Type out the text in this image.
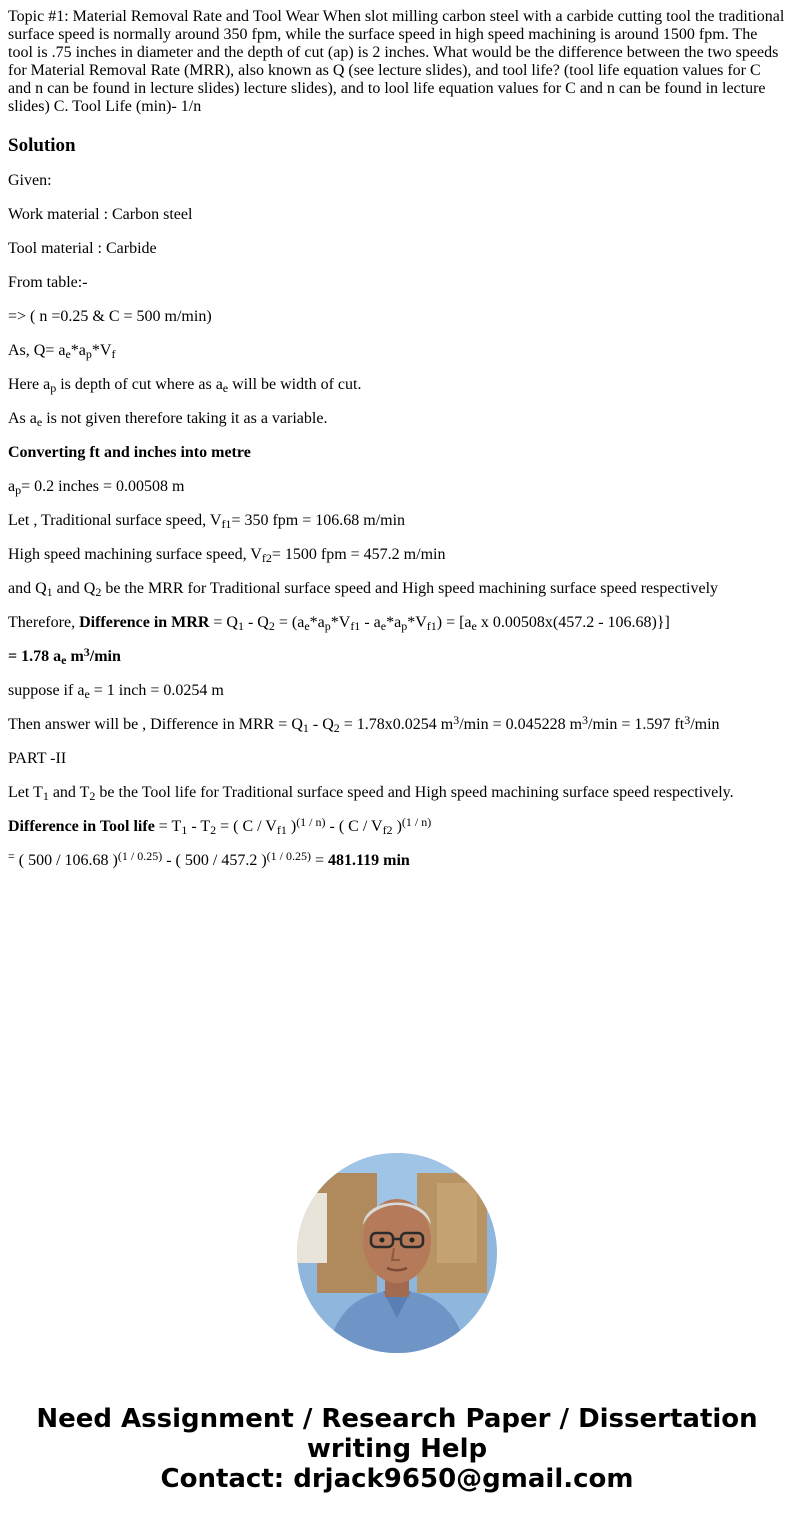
Topic #1: Material Removal Rate and Tool Wear When slot milling carbon steel with a carbide cutting tool the traditional surface speed is normally around 350 fpm, while the surface speed in high speed machining is around 1500 fpm. The tool is .75 inches in diameter and the depth of cut (ap) is 2 inches. What would be the difference between the two speeds for Material Removal Rate (MRR), also known as Q (see lecture slides), and tool life? (tool life equation values for C and n can be found in lecture slides) lecture slides), and to lool life equation values for C and n can be found in lecture slides) C. Tool Life (min)- 1/n

Solution

Given:

Work material : Carbon steel

Tool material : Carbide

From table:-

=> ( n =0.25 & C = 500 m/min)

As, $Q= a_e*a_p*V_f$

Here $a_p$ is depth of cut where as $a_e$ will be width of cut.

As $a_e$ is not given therefore taking it as a variable.

Converting ft and inches into metre

$a_p= 0.2$ inches = 0.00508 m

Let , Traditional surface speed, $V_{f1}= 350$ fpm = 106.68 m/min

High speed machining surface speed, $V_{f2}= 1500$ fpm = 457.2 m/min

and $Q_1$ and $Q_2$ be the MRR for Traditional surface speed and High speed machining surface speed respectively

Therefore, Difference in MRR = $Q_1 - Q_2 = (a_e*a_p*V_{f1} - a_e*a_p*V_{f1}) = [a_e$ x 0.00508x(457.2 - 106.68)}]

= 1.78 $a_e$ $m^3/\min$

suppose if $a_e = 1$ inch = 0.0254 m

Then answer will be , Difference in MRR = $Q_1 - Q_2 = 1.78x0.0254$ $m^3/\min = 0.045228$ $m^3/\min = 1.597$ $ft^3/\min$

PART -II

Let $T_1$ and $T_2$ be the Tool life for Traditional surface speed and High speed machining surface speed respectively.

Difference in Tool life = $T_1 - T_2$ = ( C / $V_{f1}$ )$^{(1 / n)}$ - ( C / $V_{f2}$ )$^{(1 / n)}$

= ( 500 / 106.68 )$^{(1 / 0.25)}$ - ( 500 / 457.2 )$^{(1 / 0.25)}$ = 481.119 min

Need Assignment / Research Paper / Dissertation
writing Help
Contact: drjack9650@gmail.com
